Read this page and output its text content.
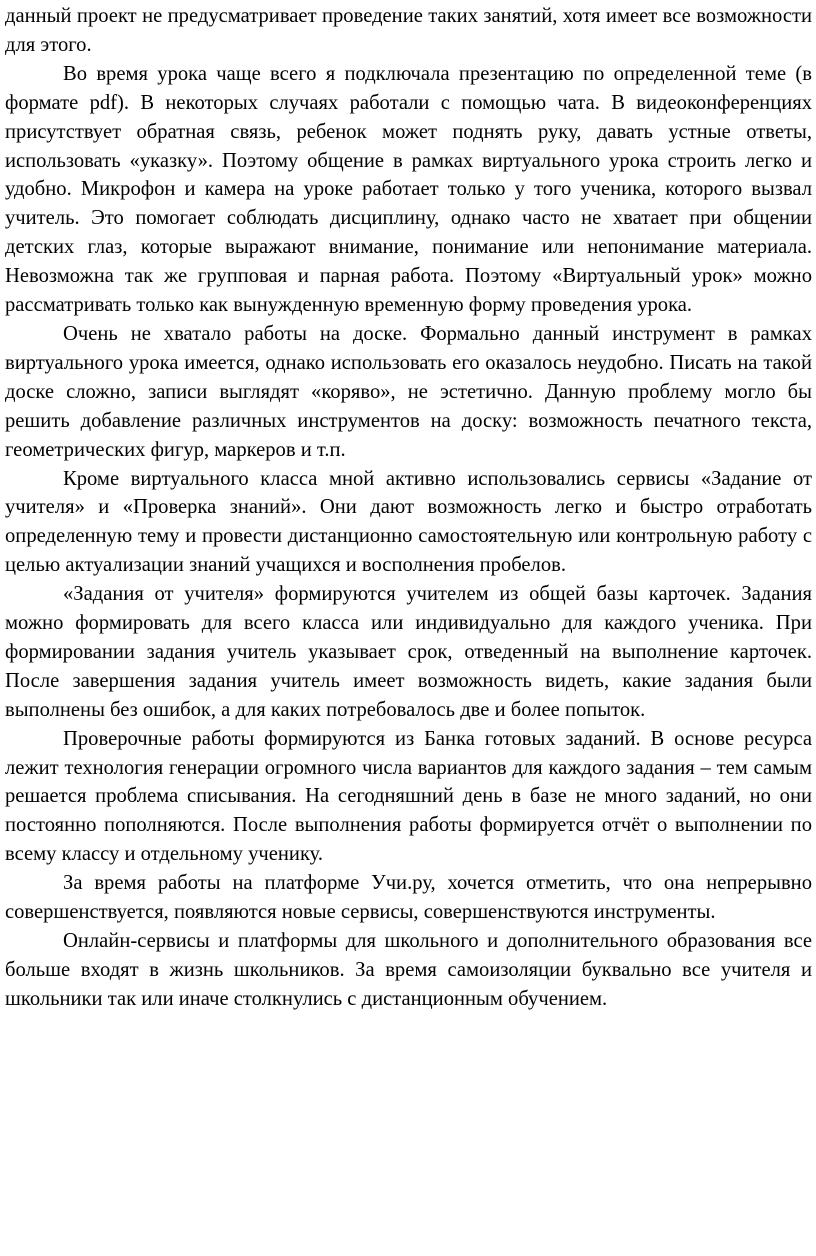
данный проект не предусматривает проведение таких занятий, хотя имеет все возможности для этого.

Во время урока чаще всего я подключала презентацию по определенной теме (в формате pdf). В некоторых случаях работали с помощью чата. В видеоконференциях присутствует обратная связь, ребенок может поднять руку, давать устные ответы, использовать «указку». Поэтому общение в рамках виртуального урока строить легко и удобно. Микрофон и камера на уроке работает только у того ученика, которого вызвал учитель. Это помогает соблюдать дисциплину, однако часто не хватает при общении детских глаз, которые выражают внимание, понимание или непонимание материала. Невозможна так же групповая и парная работа. Поэтому «Виртуальный урок» можно рассматривать только как вынужденную временную форму проведения урока.

Очень не хватало работы на доске. Формально данный инструмент в рамках виртуального урока имеется, однако использовать его оказалось неудобно. Писать на такой доске сложно, записи выглядят «коряво», не эстетично. Данную проблему могло бы решить добавление различных инструментов на доску: возможность печатного текста, геометрических фигур, маркеров и т.п.

Кроме виртуального класса мной активно использовались сервисы «Задание от учителя» и «Проверка знаний». Они дают возможность легко и быстро отработать определенную тему и провести дистанционно самостоятельную или контрольную работу с целью актуализации знаний учащихся и восполнения пробелов.

«Задания от учителя» формируются учителем из общей базы карточек. Задания можно формировать для всего класса или индивидуально для каждого ученика. При формировании задания учитель указывает срок, отведенный на выполнение карточек. После завершения задания учитель имеет возможность видеть, какие задания были выполнены без ошибок, а для каких потребовалось две и более попыток.

Проверочные работы формируются из Банка готовых заданий. В основе ресурса лежит технология генерации огромного числа вариантов для каждого задания – тем самым решается проблема списывания. На сегодняшний день в базе не много заданий, но они постоянно пополняются. После выполнения работы формируется отчёт о выполнении по всему классу и отдельному ученику.

За время работы на платформе Учи.ру, хочется отметить, что она непрерывно совершенствуется, появляются новые сервисы, совершенствуются инструменты.

Онлайн-сервисы и платформы для школьного и дополнительного образования все больше входят в жизнь школьников. За время самоизоляции буквально все учителя и школьники так или иначе столкнулись с дистанционным обучением.
